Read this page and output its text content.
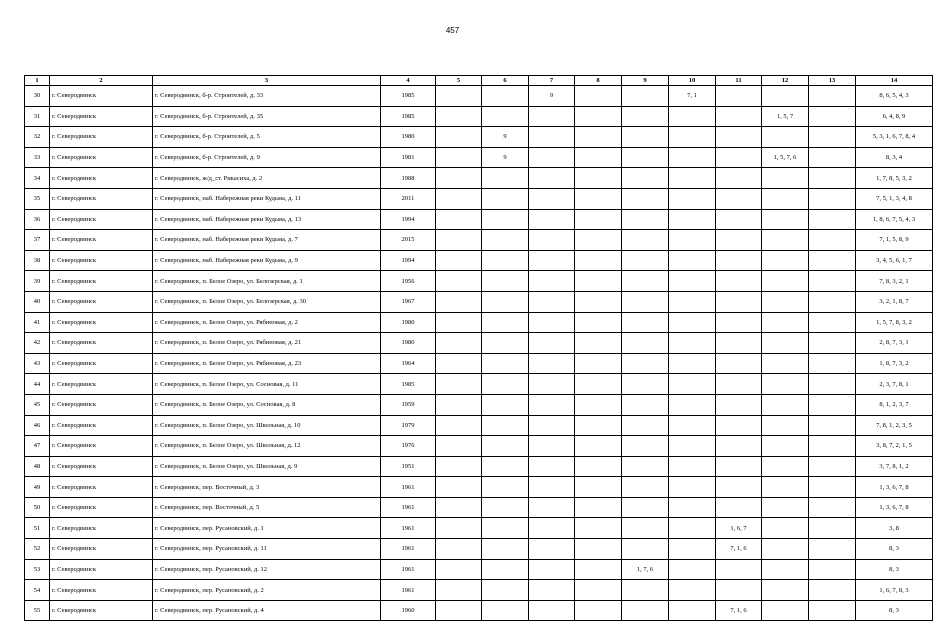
457
1	2	3	4	5	6	7	8	9	10	11	12	13	14
30	г. Северодвинск	г. Северодвинск, б-р. Строителей, д. 33	1985			9			7, 1				8, 6, 5, 4, 3
31	г. Северодвинск	г. Северодвинск, б-р. Строителей, д. 35	1985								1, 5, 7		6, 4, 8, 9
32	г. Северодвинск	г. Северодвинск, б-р. Строителей, д. 5	1980		9								5, 3, 1, 6, 7, 8, 4
33	г. Северодвинск	г. Северодвинск, б-р. Строителей, д. 9	1981		9						1, 5, 7, 6		8, 3, 4
34	г. Северодвинск	г. Северодвинск, ж/д_ст. Рикасиха, д. 2	1988										1, 7, 8, 5, 3, 2
35	г. Северодвинск	г. Северодвинск, наб. Набережная реки Кудьма, д. 11	2011										7, 5, 1, 3, 4, 8
36	г. Северодвинск	г. Северодвинск, наб. Набережная реки Кудьма, д. 13	1994										1, 8, 6, 7, 5, 4, 3
37	г. Северодвинск	г. Северодвинск, наб. Набережная реки Кудьма, д. 7	2015										7, 1, 5, 8, 9
38	г. Северодвинск	г. Северодвинск, наб. Набережная реки Кудьма, д. 9	1994										3, 4, 5, 6, 1, 7
39	г. Северодвинск	г. Северодвинск, п. Белое Озеро, ул. Белозерская, д. 1	1956										7, 8, 3, 2, 1
40	г. Северодвинск	г. Северодвинск, п. Белое Озеро, ул. Белозерская, д. 30	1967										3, 2, 1, 8, 7
41	г. Северодвинск	г. Северодвинск, п. Белое Озеро, ул. Рябиновая, д. 2	1980										1, 5, 7, 8, 3, 2
42	г. Северодвинск	г. Северодвинск, п. Белое Озеро, ул. Рябиновая, д. 21	1980										2, 8, 7, 3, 1
43	г. Северодвинск	г. Северодвинск, п. Белое Озеро, ул. Рябиновая, д. 23	1964										1, 8, 7, 3, 2
44	г. Северодвинск	г. Северодвинск, п. Белое Озеро, ул. Сосновая, д. 11	1985										2, 3, 7, 8, 1
45	г. Северодвинск	г. Северодвинск, п. Белое Озеро, ул. Сосновая, д. 8	1959										8, 1, 2, 3, 7
46	г. Северодвинск	г. Северодвинск, п. Белое Озеро, ул. Школьная, д. 10	1979										7, 8, 1, 2, 3, 5
47	г. Северодвинск	г. Северодвинск, п. Белое Озеро, ул. Школьная, д. 12	1976										3, 8, 7, 2, 1, 5
48	г. Северодвинск	г. Северодвинск, п. Белое Озеро, ул. Школьная, д. 9	1951										3, 7, 8, 1, 2
49	г. Северодвинск	г. Северодвинск, пер. Восточный, д. 3	1961										1, 3, 6, 7, 8
50	г. Северодвинск	г. Северодвинск, пер. Восточный, д. 5	1961										1, 3, 6, 7, 8
51	г. Северодвинск	г. Северодвинск, пер. Русановский, д. 1	1961							1, 6, 7			3, 8
52	г. Северодвинск	г. Северодвинск, пер. Русановский, д. 11	1961							7, 1, 6			8, 3
53	г. Северодвинск	г. Северодвинск, пер. Русановский, д. 12	1961					1, 7, 6					8, 3
54	г. Северодвинск	г. Северодвинск, пер. Русановский, д. 2	1961										1, 6, 7, 8, 3
55	г. Северодвинск	г. Северодвинск, пер. Русановский, д. 4	1960							7, 1, 6			8, 3
